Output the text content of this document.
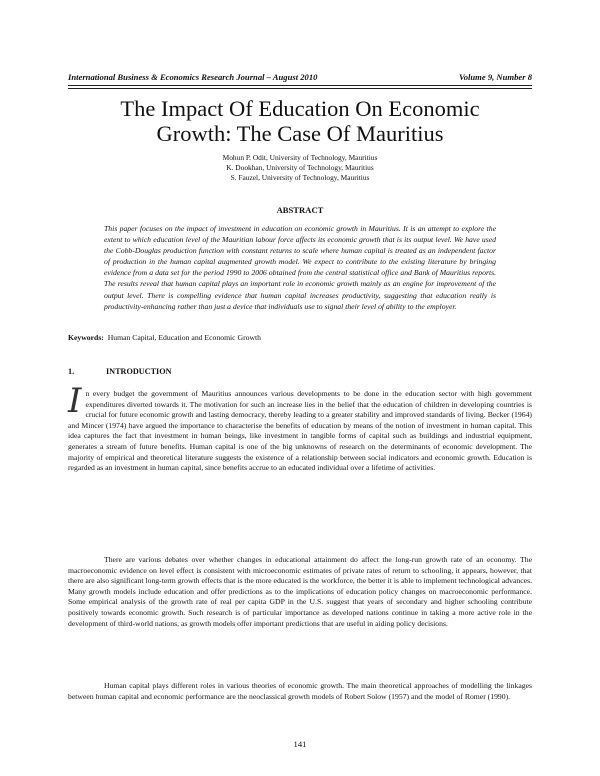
International Business & Economics Research Journal – August 2010	Volume 9, Number 8
The Impact Of Education On Economic
Growth: The Case Of Mauritius
Mohun P. Odit, University of Technology, Mauritius
K. Dookhan, University of Technology, Mauritius
S. Fauzel, University of Technology, Mauritius
ABSTRACT
This paper focuses on the impact of investment in education on economic growth in Mauritius. It is an attempt to explore the extent to which education level of the Mauritian labour force affects its economic growth that is its output level. We have used the Cobb-Douglas production function with constant returns to scale where human capital is treated as an independent factor of production in the human capital augmented growth model. We expect to contribute to the existing literature by bringing evidence from a data set for the period 1990 to 2006 obtained from the central statistical office and Bank of Mauritius reports. The results reveal that human capital plays an important role in economic growth mainly as an engine for improvement of the output level. There is compelling evidence that human capital increases productivity, suggesting that education really is productivity-enhancing rather than just a device that individuals use to signal their level of ability to the employer.
Keywords: Human Capital, Education and Economic Growth
1.	INTRODUCTION
In every budget the government of Mauritius announces various developments to be done in the education sector with high government expenditures diverted towards it. The motivation for such an increase lies in the belief that the education of children in developing countries is crucial for future economic growth and lasting democracy, thereby leading to a greater stability and improved standards of living. Becker (1964) and Mincer (1974) have argued the importance to characterise the benefits of education by means of the notion of investment in human capital. This idea captures the fact that investment in human beings, like investment in tangible forms of capital such as buildings and industrial equipment, generates a stream of future benefits. Human capital is one of the big unknowns of research on the determinants of economic development. The majority of empirical and theoretical literature suggests the existence of a relationship between social indicators and economic growth. Education is regarded as an investment in human capital, since benefits accrue to an educated individual over a lifetime of activities.
There are various debates over whether changes in educational attainment do affect the long-run growth rate of an economy. The macroeconomic evidence on level effect is consistent with microeconomic estimates of private rates of return to schooling, it appears, however, that there are also significant long-term growth effects that is the more educated is the workforce, the better it is able to implement technological advances. Many growth models include education and offer predictions as to the implications of education policy changes on macroeconomic performance. Some empirical analysis of the growth rate of real per capita GDP in the U.S. suggest that years of secondary and higher schooling contribute positively towards economic growth. Such research is of particular importance as developed nations continue in taking a more active role in the development of third-world nations, as growth models offer important predictions that are useful in aiding policy decisions.
Human capital plays different roles in various theories of economic growth. The main theoretical approaches of modelling the linkages between human capital and economic performance are the neoclassical growth models of Robert Solow (1957) and the model of Romer (1990).
141
